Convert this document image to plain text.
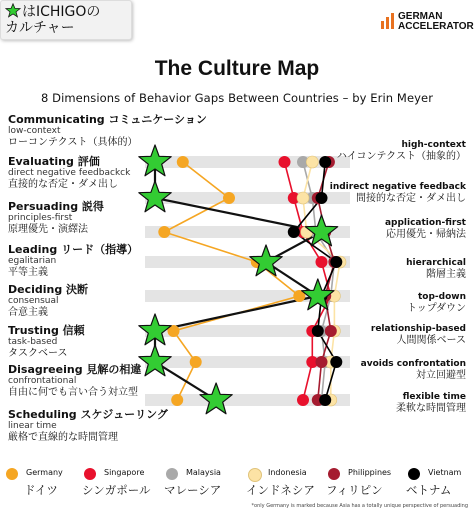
はICHIGOの
カルチャー
GERMAN
ACCELERATOR
The Culture Map
8 Dimensions of Behavior Gaps Between Countries – by Erin Meyer
Communicating コミュニケーション
low-context
ローコンテクスト（具体的）
Evaluating 評価
direct negative feedbackck
直接的な否定・ダメ出し
Persuading 説得
principles-first
原理優先・演繹法
Leading リード（指導）
egalitarian
平等主義
Deciding 決断
consensual
合意主義
Trusting 信頼
task-based
タスクベース
Disagreeing 見解の相違
confrontational
自由に何でも言い合う対立型
Scheduling スケジューリング
linear time
厳格で直線的な時間管理
high-context
ハイコンテクスト（抽象的）
indirect negative feedback
間接的な否定・ダメ出し
application-first
応用優先・帰納法
hierarchical
階層主義
top-down
トップダウン
relationship-based
人間関係ベース
avoids confrontation
対立回避型
flexible time
柔軟な時間管理
Germany
ドイツ
Singapore
シンガポール
Malaysia
マレーシア
Indonesia
インドネシア
Philippines
フィリピン
Vietnam
ベトナム
*only Germany is marked because Asia has a totally unique perspective of persuading
